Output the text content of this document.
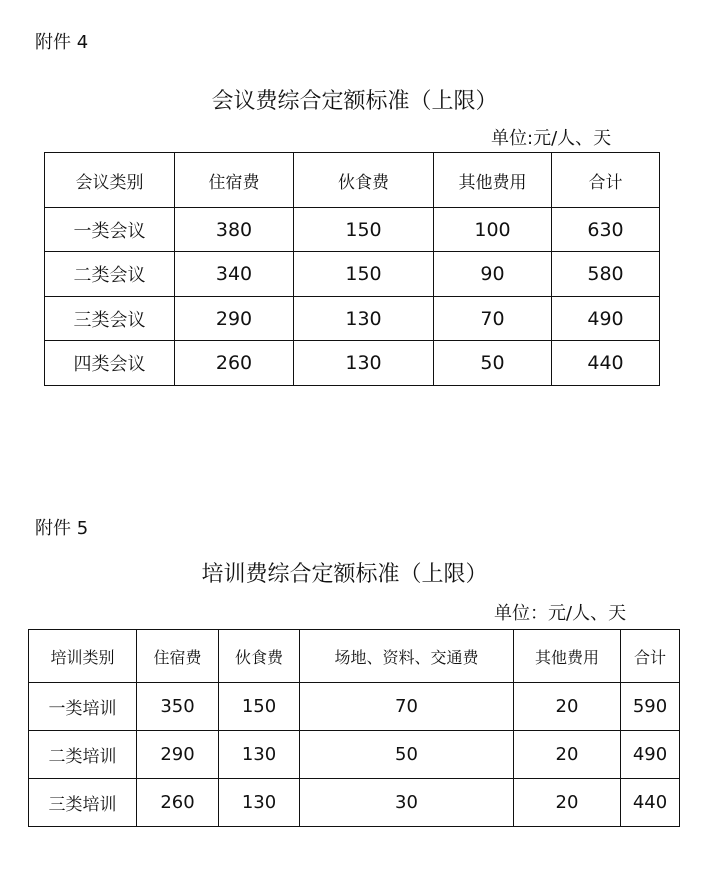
附件 4
会议费综合定额标准（上限）
单位:元/人、天
会议类别	住宿费	伙食费	其他费用	合计
一类会议	380	150	100	630
二类会议	340	150	90	580
三类会议	290	130	70	490
四类会议	260	130	50	440
附件 5
培训费综合定额标准（上限）
单位：元/人、天
培训类别	住宿费	伙食费	场地、资料、交通费	其他费用	合计
一类培训	350	150	70	20	590
二类培训	290	130	50	20	490
三类培训	260	130	30	20	440
